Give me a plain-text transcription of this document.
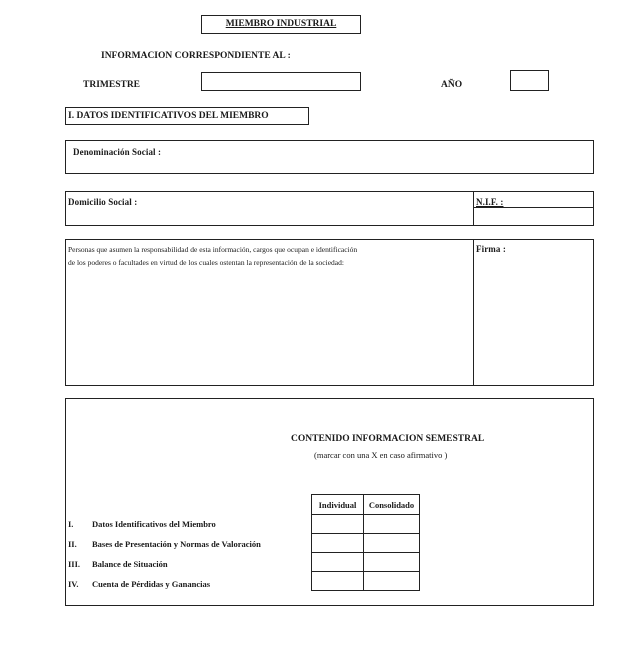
MIEMBRO INDUSTRIAL
INFORMACION CORRESPONDIENTE AL :
TRIMESTRE	AÑO
I. DATOS IDENTIFICATIVOS DEL MIEMBRO
Denominación Social :
Domicilio Social :	N.I.F. :
Personas que asumen la responsabilidad de esta información, cargos que ocupan e identificación
de los poderes o facultades en virtud de los cuales ostentan la representación de la sociedad:
Firma :
CONTENIDO INFORMACION SEMESTRAL
(marcar con una X en caso afirmativo )
Individual	Consolidado
I. Datos Identificativos del Miembro
II. Bases de Presentación y Normas de Valoración
III. Balance de Situación
IV. Cuenta de Pérdidas y Ganancias
